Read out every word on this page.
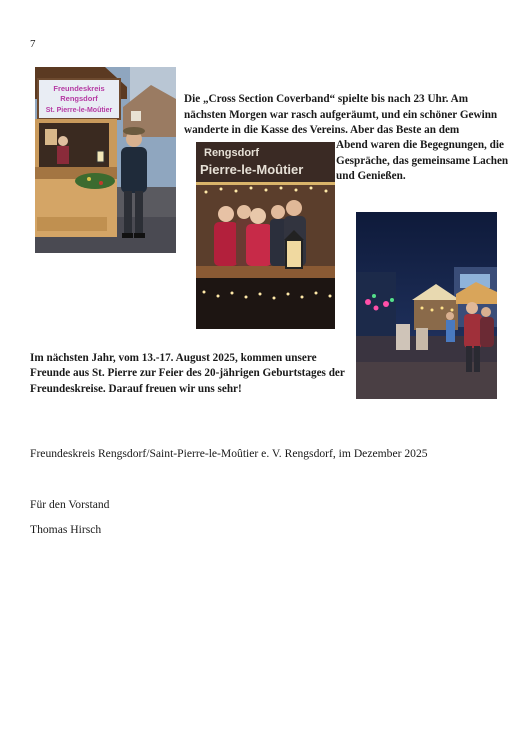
7
Freundeskreis
Rengsdorf
St. Pierre-le-Moûtier
Rengsdorf
Pierre-le-Moûtier
Die „Cross Section Coverband“ spielte bis nach 23 Uhr. Am nächsten Morgen war rasch aufgeräumt, und ein schöner Gewinn wanderte in die Kasse des Vereins. Aber das Beste an dem
Abend waren die Begegnungen, die Gespräche, das gemeinsame Lachen und Genießen.
Im nächsten Jahr, vom 13.-17. August 2025, kommen unsere Freunde aus St. Pierre zur Feier des 20-jährigen Geburtstages der Freundeskreise. Darauf freuen wir uns sehr!
Freundeskreis Rengsdorf/Saint-Pierre-le-Moûtier e. V. Rengsdorf, im Dezember 2025
Für den Vorstand
Thomas Hirsch
